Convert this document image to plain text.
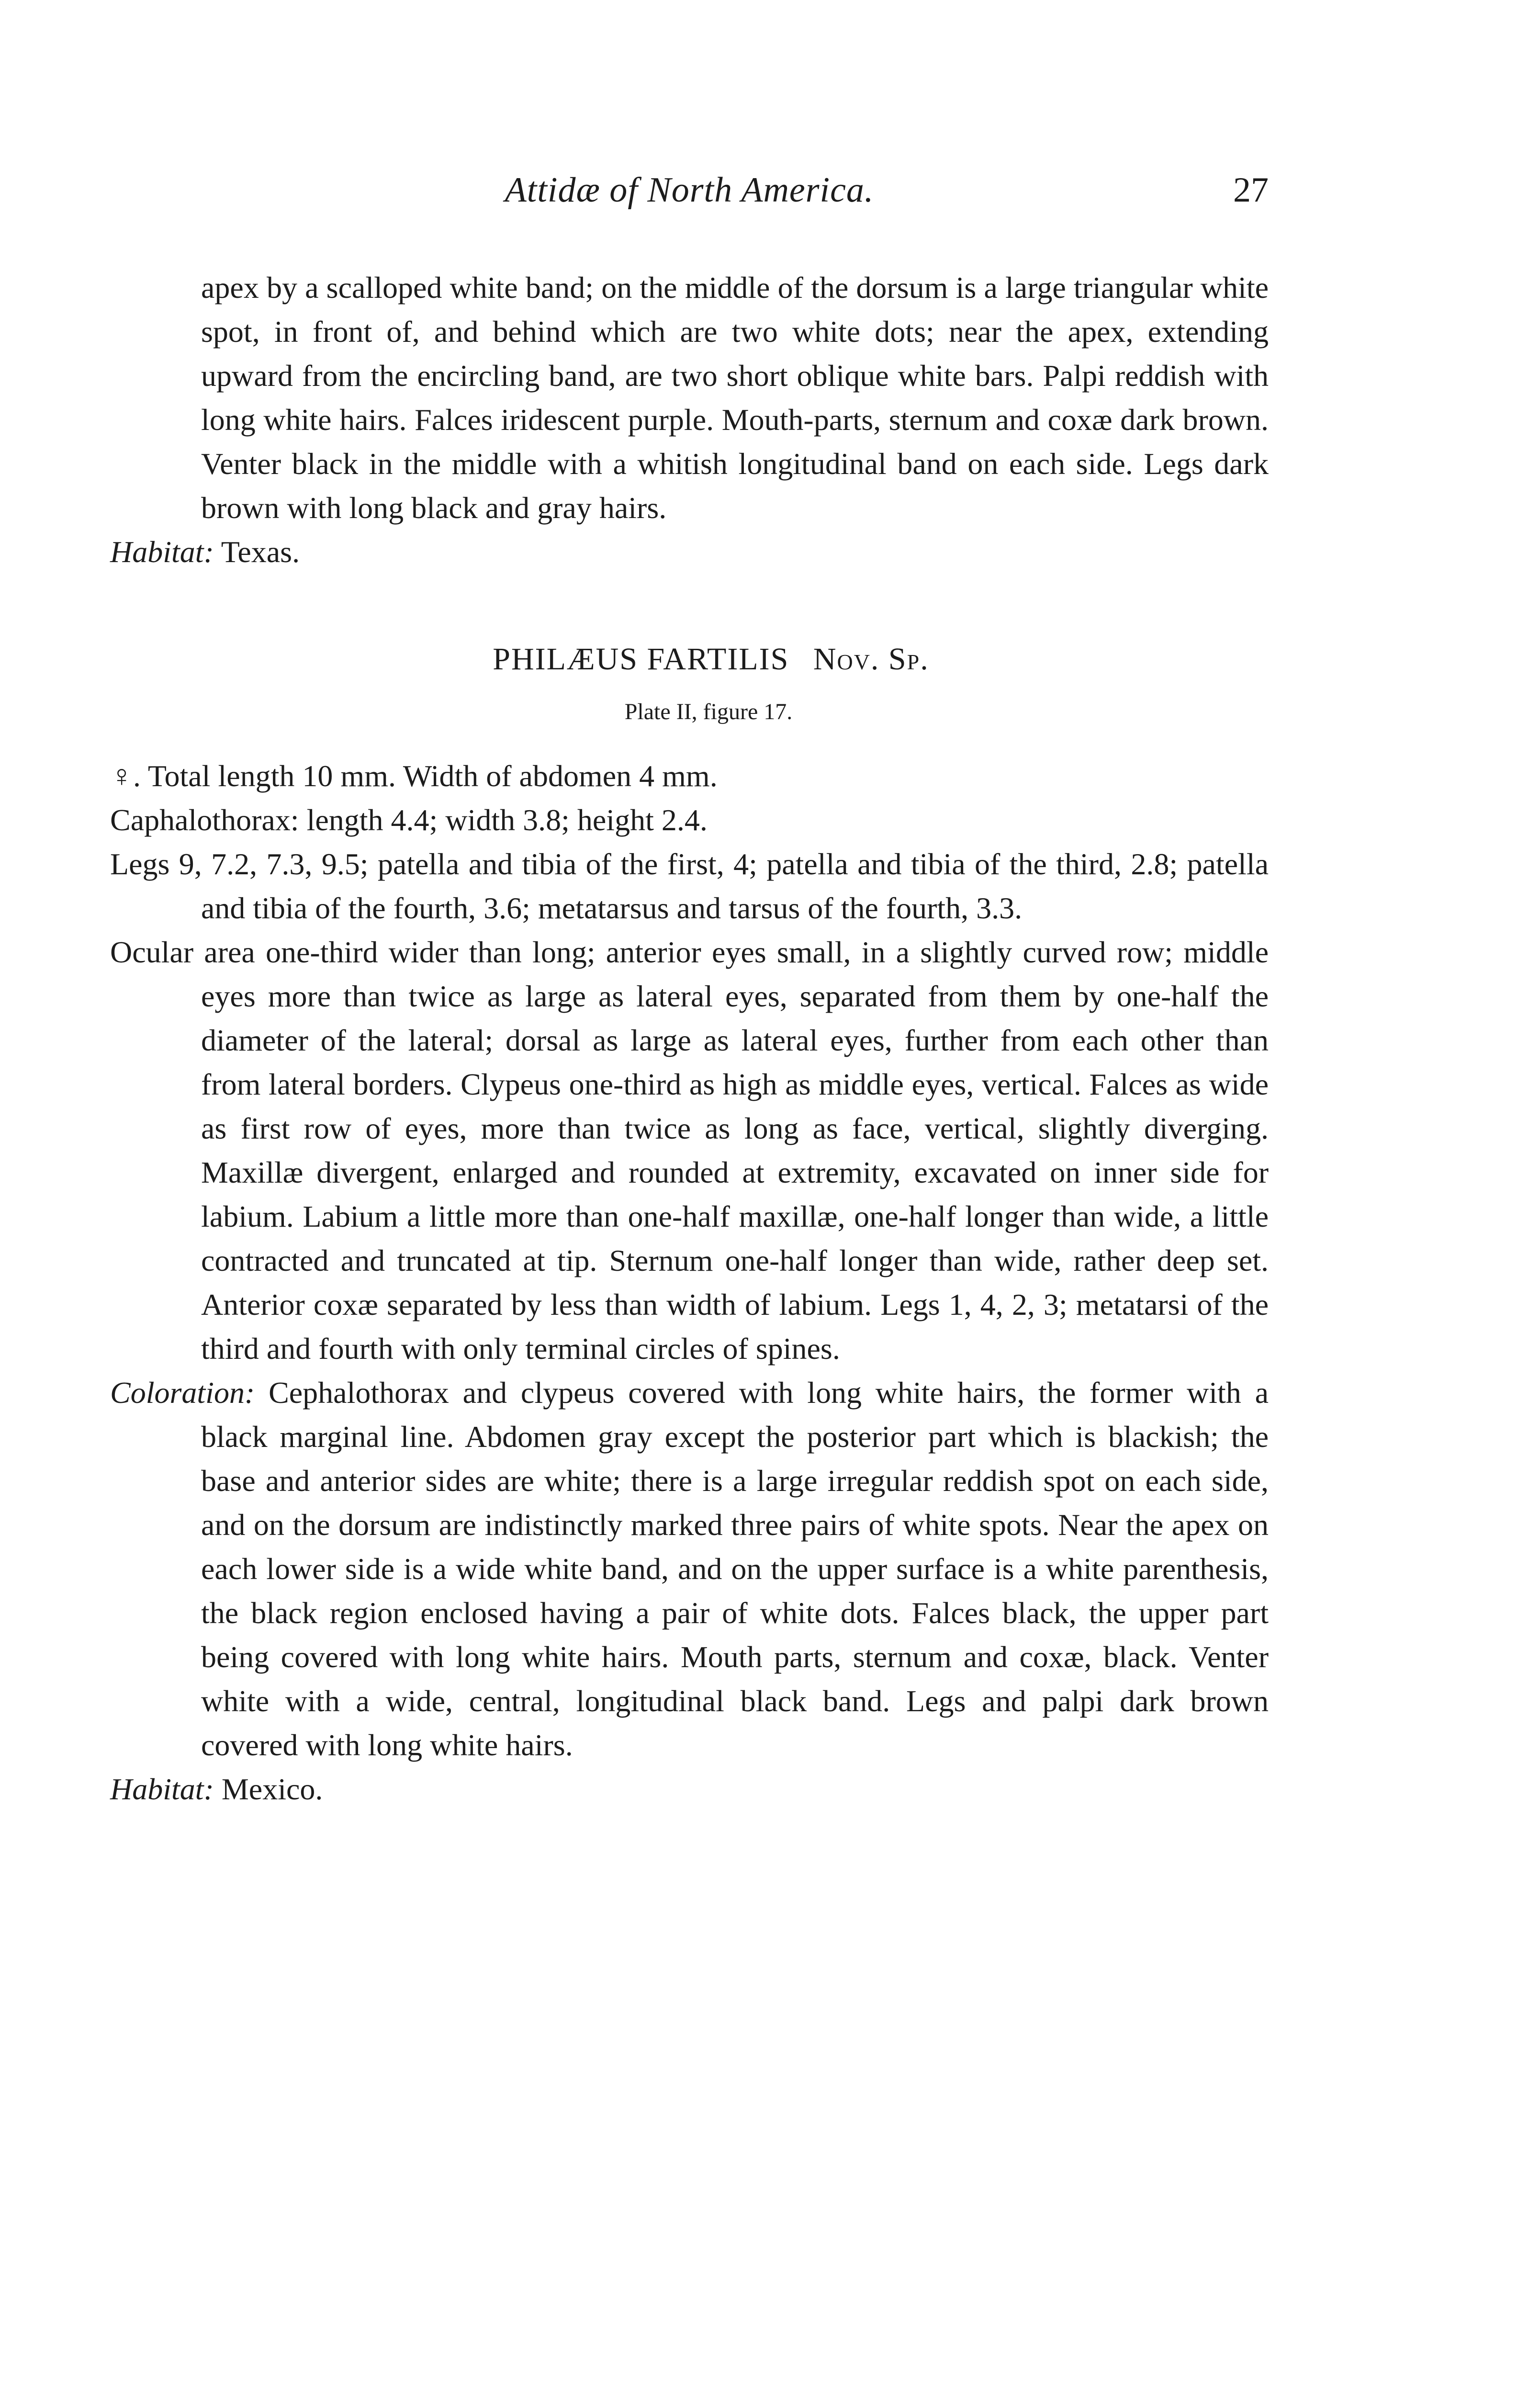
Attidæ of North America.	27

apex by a scalloped white band; on the middle of the dorsum is a large triangular white spot, in front of, and behind which are two white dots; near the apex, extending upward from the encircling band, are two short oblique white bars. Palpi reddish with long white hairs. Falces iridescent purple. Mouth-parts, sternum and coxæ dark brown. Venter black in the middle with a whitish longitudinal band on each side. Legs dark brown with long black and gray hairs.

Habitat: Texas.

PHILÆUS FARTILIS Nov. Sp.
Plate II, figure 17.

♀. Total length 10 mm. Width of abdomen 4 mm.

Caphalothorax: length 4.4; width 3.8; height 2.4.

Legs 9, 7.2, 7.3, 9.5; patella and tibia of the first, 4; patella and tibia of the third, 2.8; patella and tibia of the fourth, 3.6; metatarsus and tarsus of the fourth, 3.3.

Ocular area one-third wider than long; anterior eyes small, in a slightly curved row; middle eyes more than twice as large as lateral eyes, separated from them by one-half the diameter of the lateral; dorsal as large as lateral eyes, further from each other than from lateral borders. Clypeus one-third as high as middle eyes, vertical. Falces as wide as first row of eyes, more than twice as long as face, vertical, slightly diverging. Maxillæ divergent, enlarged and rounded at extremity, excavated on inner side for labium. Labium a little more than one-half maxillæ, one-half longer than wide, a little contracted and truncated at tip. Sternum one-half longer than wide, rather deep set. Anterior coxæ separated by less than width of labium. Legs 1, 4, 2, 3; metatarsi of the third and fourth with only terminal circles of spines.

Coloration: Cephalothorax and clypeus covered with long white hairs, the former with a black marginal line. Abdomen gray except the posterior part which is blackish; the base and anterior sides are white; there is a large irregular reddish spot on each side, and on the dorsum are indistinctly marked three pairs of white spots. Near the apex on each lower side is a wide white band, and on the upper surface is a white parenthesis, the black region enclosed having a pair of white dots. Falces black, the upper part being covered with long white hairs. Mouth parts, sternum and coxæ, black. Venter white with a wide, central, longitudinal black band. Legs and palpi dark brown covered with long white hairs.

Habitat: Mexico.
